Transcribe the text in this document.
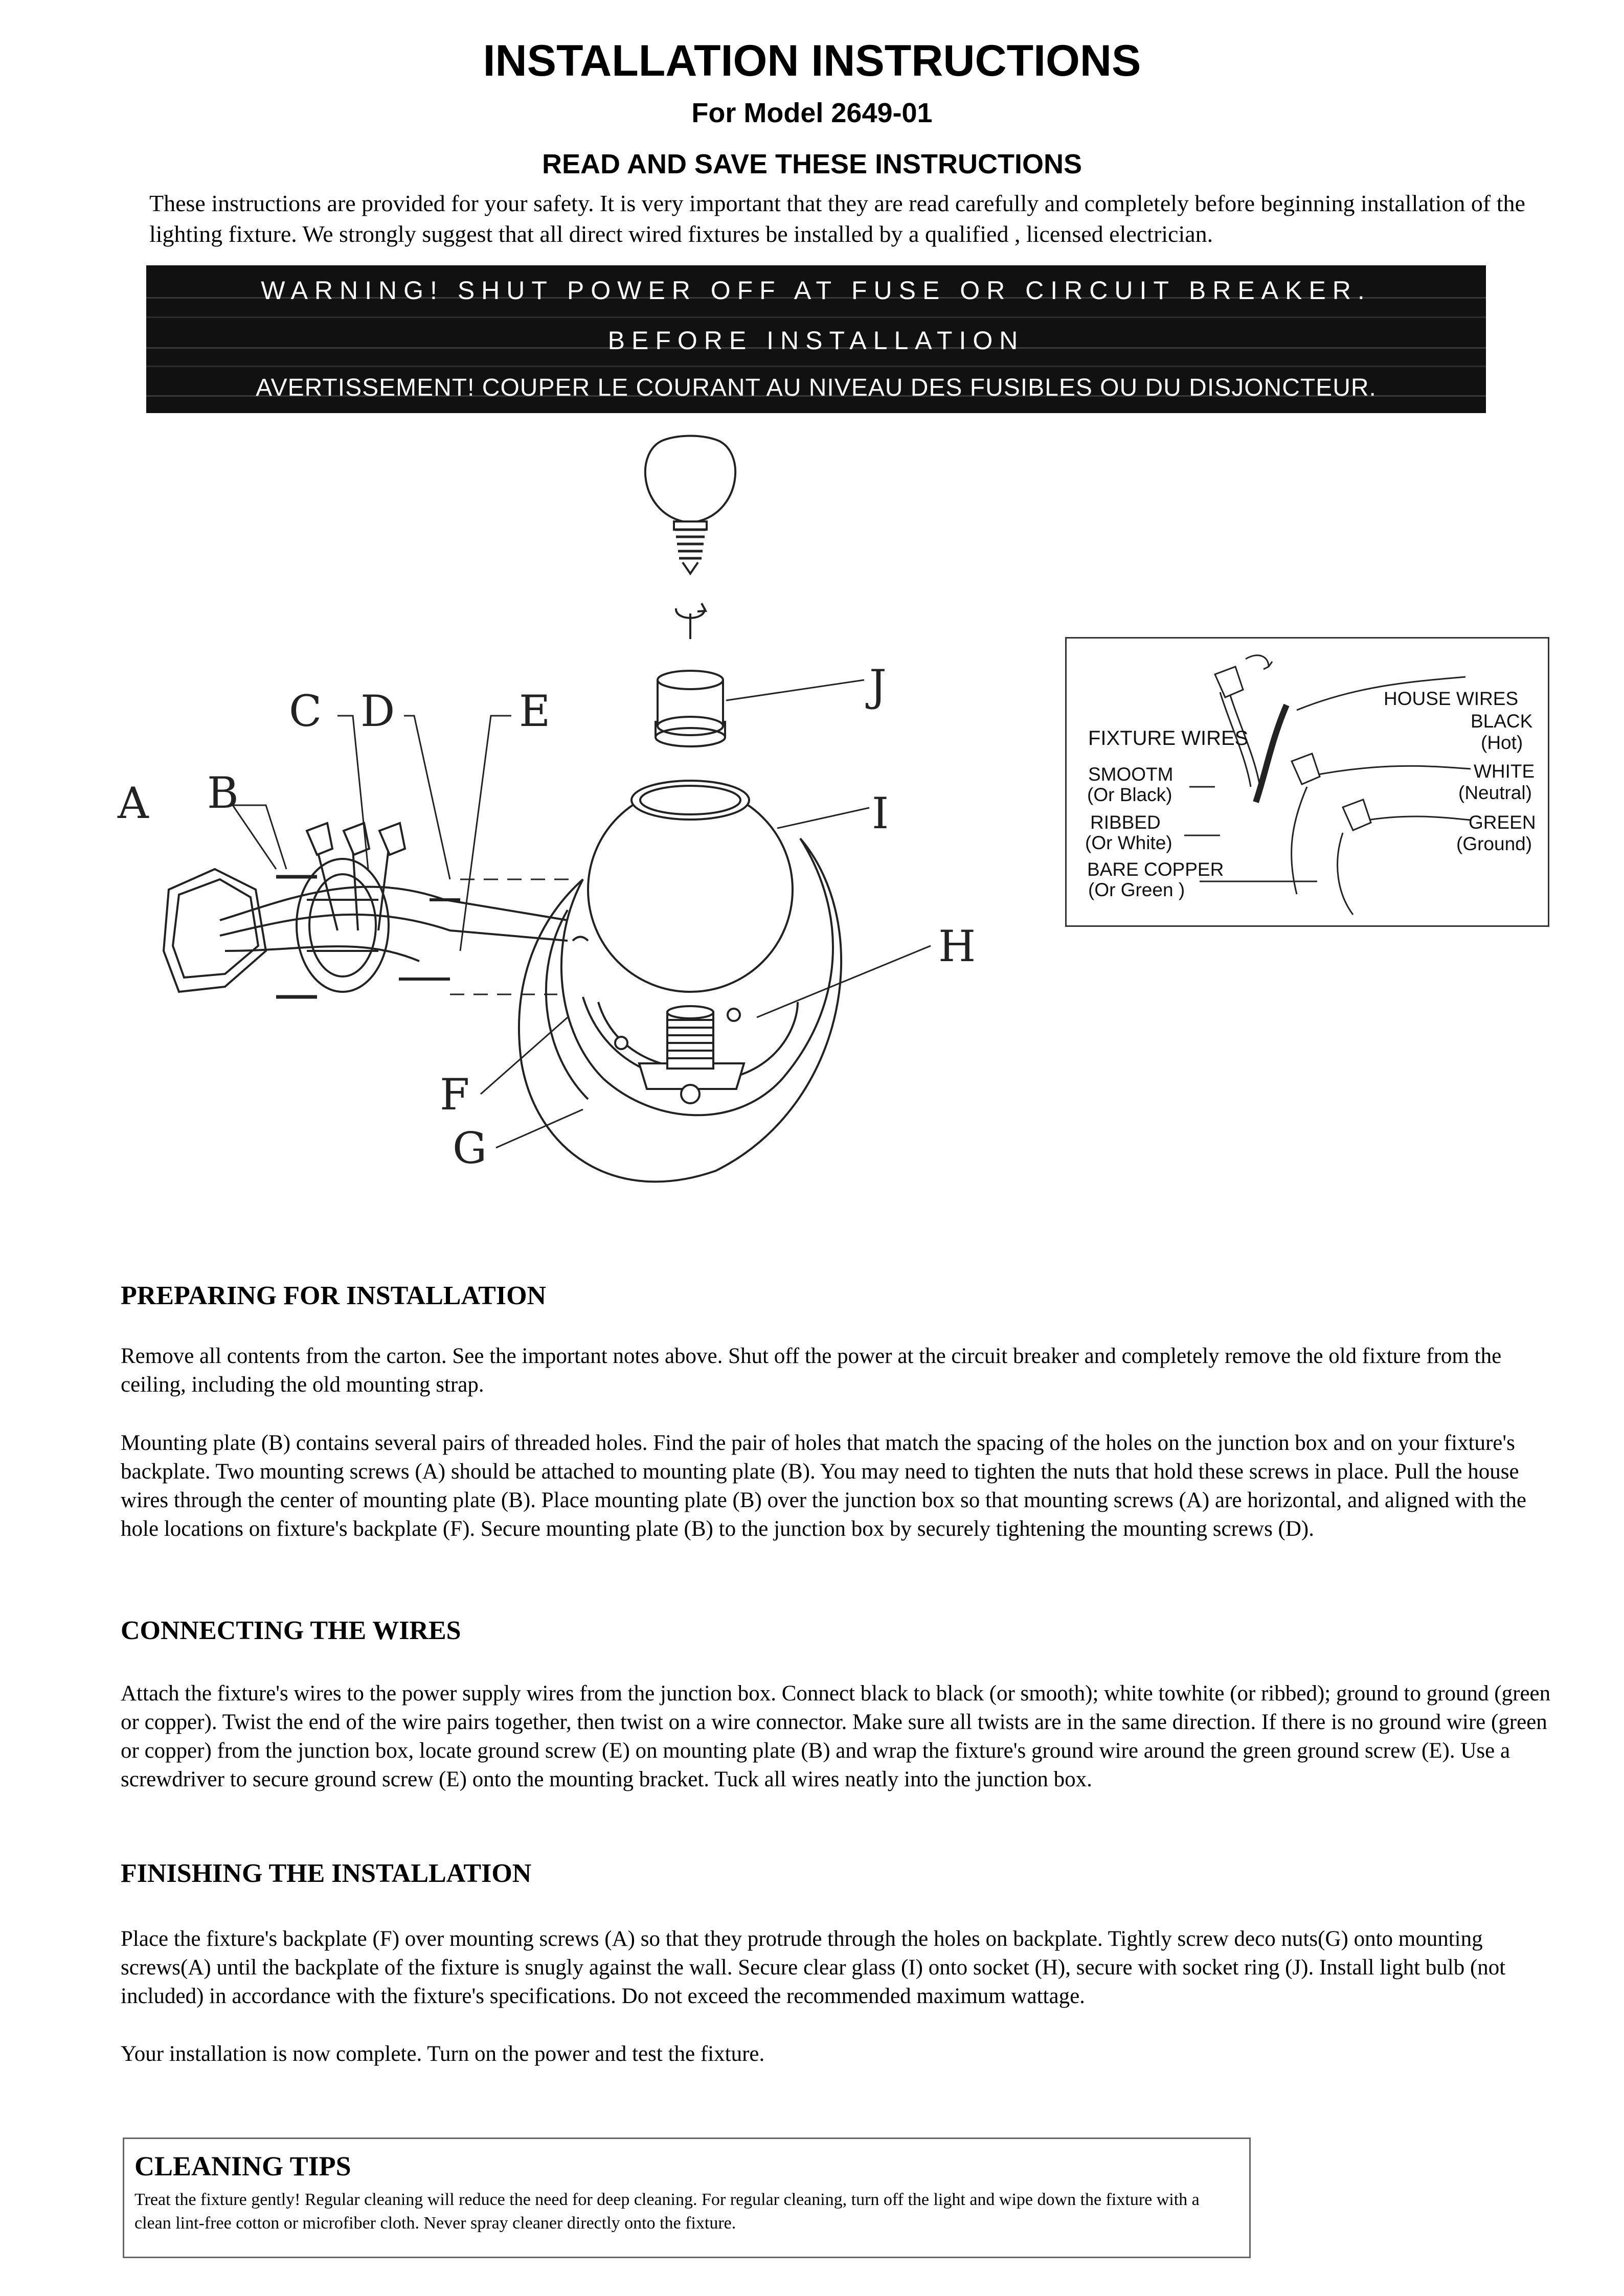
INSTALLATION INSTRUCTIONS
For Model 2649-01
READ AND SAVE THESE INSTRUCTIONS
These instructions are provided for your safety. It is very important that they are read carefully and completely before beginning installation of the lighting fixture. We strongly suggest that all direct wired fixtures be installed by a qualified , licensed electrician.
WARNING! SHUT POWER OFF AT FUSE OR CIRCUIT BREAKER.
BEFORE INSTALLATION
AVERTISSEMENT! COUPER LE COURANT AU NIVEAU DES FUSIBLES OU DU DISJONCTEUR.
A B
C D	E
F
G
H
I
J	HOUSE WIRES
FIXTURE WIRES
BLACK
(Hot)
WHITE
(Neutral)
GREEN
(Ground)
SMOOTM
(Or Black)
RIBBED
(Or White)
BARE COPPER
(Or Green )
PREPARING FOR INSTALLATION
Remove all contents from the carton. See the important notes above. Shut off the power at the circuit breaker and completely remove the old fixture from the ceiling, including the old mounting strap.
Mounting plate (B) contains several pairs of threaded holes. Find the pair of holes that match the spacing of the holes on the junction box and on your fixture's backplate. Two mounting screws (A) should be attached to mounting plate (B). You may need to tighten the nuts that hold these screws in place. Pull the house wires through the center of mounting plate (B). Place mounting plate (B) over the junction box so that mounting screws (A) are horizontal, and aligned with the hole locations on fixture's backplate (F). Secure mounting plate (B) to the junction box by securely tightening the mounting screws (D).
CONNECTING THE WIRES
Attach the fixture's wires to the power supply wires from the junction box. Connect black to black (or smooth); white towhite (or ribbed); ground to ground (green or copper). Twist the end of the wire pairs together, then twist on a wire connector. Make sure all twists are in the same direction. If there is no ground wire (green or copper) from the junction box, locate ground screw (E) on mounting plate (B) and wrap the fixture's ground wire around the green ground screw (E). Use a screwdriver to secure ground screw (E) onto the mounting bracket. Tuck all wires neatly into the junction box.
FINISHING THE INSTALLATION
Place the fixture's backplate (F) over mounting screws (A) so that they protrude through the holes on backplate. Tightly screw deco nuts(G) onto mounting screws(A) until the backplate of the fixture is snugly against the wall. Secure clear glass (I) onto socket (H), secure with socket ring (J). Install light bulb (not included) in accordance with the fixture's specifications. Do not exceed the recommended maximum wattage.
Your installation is now complete. Turn on the power and test the fixture.
CLEANING TIPS
Treat the fixture gently! Regular cleaning will reduce the need for deep cleaning. For regular cleaning, turn off the light and wipe down the fixture with a clean lint-free cotton or microfiber cloth. Never spray cleaner directly onto the fixture.
